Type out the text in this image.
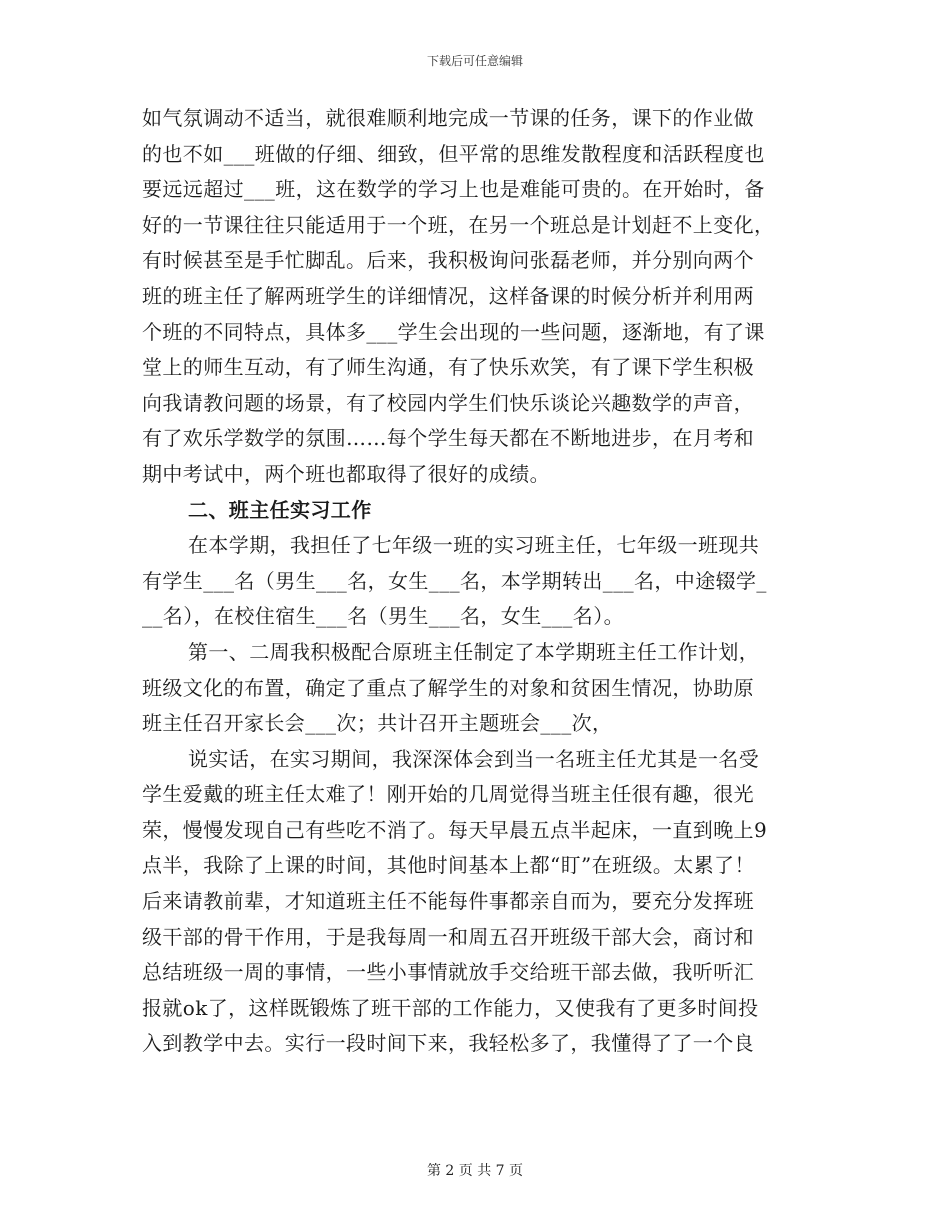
下载后可任意编辑
如气氛调动不适当，就很难顺利地完成一节课的任务，课下的作业做
的也不如___班做的仔细、细致，但平常的思维发散程度和活跃程度也
要远远超过___班，这在数学的学习上也是难能可贵的。在开始时，备
好的一节课往往只能适用于一个班，在另一个班总是计划赶不上变化，
有时候甚至是手忙脚乱。后来，我积极询问张磊老师，并分别向两个
班的班主任了解两班学生的详细情况，这样备课的时候分析并利用两
个班的不同特点，具体多___学生会出现的一些问题，逐渐地，有了课
堂上的师生互动，有了师生沟通，有了快乐欢笑，有了课下学生积极
向我请教问题的场景，有了校园内学生们快乐谈论兴趣数学的声音，
有了欢乐学数学的氛围……每个学生每天都在不断地进步，在月考和
期中考试中，两个班也都取得了很好的成绩。
二、班主任实习工作
在本学期，我担任了七年级一班的实习班主任，七年级一班现共
有学生___名（男生___名，女生___名，本学期转出___名，中途辍学_
__名），在校住宿生___名（男生___名，女生___名）。
第一、二周我积极配合原班主任制定了本学期班主任工作计划，
班级文化的布置，确定了重点了解学生的对象和贫困生情况，协助原
班主任召开家长会___次；共计召开主题班会___次，
说实话，在实习期间，我深深体会到当一名班主任尤其是一名受
学生爱戴的班主任太难了！刚开始的几周觉得当班主任很有趣，很光
荣，慢慢发现自己有些吃不消了。每天早晨五点半起床，一直到晚上9
点半，我除了上课的时间，其他时间基本上都“盯”在班级。太累了！
后来请教前辈，才知道班主任不能每件事都亲自而为，要充分发挥班
级干部的骨干作用，于是我每周一和周五召开班级干部大会，商讨和
总结班级一周的事情，一些小事情就放手交给班干部去做，我听听汇
报就ok了，这样既锻炼了班干部的工作能力，又使我有了更多时间投
入到教学中去。实行一段时间下来，我轻松多了，我懂得了了一个良
第 2 页 共 7 页
